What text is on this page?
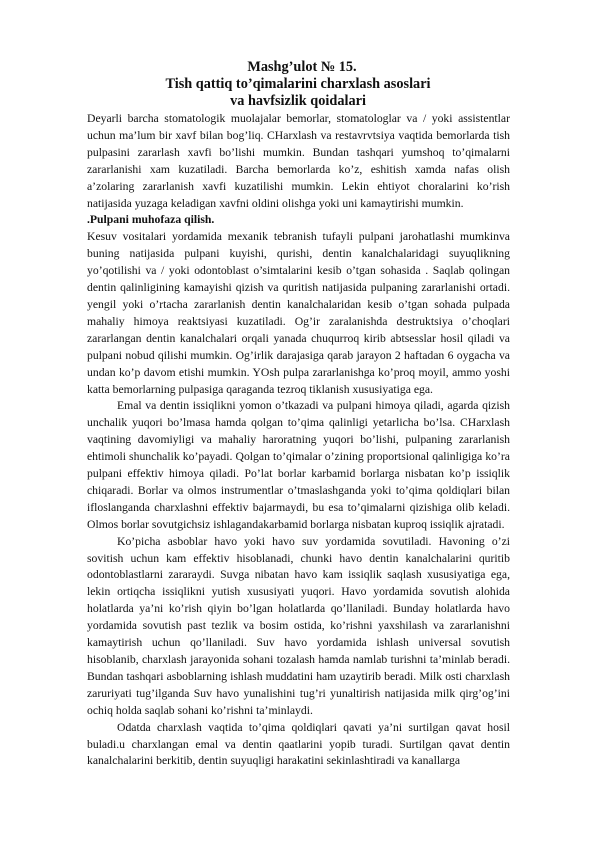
Mashg’ulot № 15.
Tish qattiq to’qimalarini charxlash asoslari
va havfsizlik qoidalari

Deyarli barcha stomatologik muolajalar bemorlar, stomatologlar va / yoki assistentlar uchun ma’lum bir xavf bilan bog’liq. CHarxlash va restavrvtsiya vaqtida bemorlarda tish pulpasini zararlash xavfi bo’lishi mumkin. Bundan tashqari yumshoq to’qimalarni zararlanishi xam kuzatiladi. Barcha bemorlarda ko’z, eshitish xamda nafas olish a’zolaring zararlanish xavfi kuzatilishi mumkin. Lekin ehtiyot choralarini ko’rish natijasida yuzaga keladigan xavfni oldini olishga yoki uni kamaytirishi mumkin.

.Pulpani muhofaza qilish.

Kesuv vositalari yordamida mexanik tebranish tufayli pulpani jarohatlashi mumkinva buning natijasida pulpani kuyishi, qurishi, dentin kanalchalaridagi suyuqlikning yo’qotilishi va / yoki odontoblast o’simtalarini kesib o’tgan sohasida . Saqlab qolingan dentin qalinligining kamayishi qizish va quritish natijasida pulpaning zararlanishi ortadi. yengil yoki o’rtacha zararlanish dentin kanalchalaridan kesib o’tgan sohada pulpada mahaliy himoya reaktsiyasi kuzatiladi. Og’ir zaralanishda destruktsiya o’choqlari zararlangan dentin kanalchalari orqali yanada chuqurroq kirib abtsesslar hosil qiladi va pulpani nobud qilishi mumkin. Og’irlik darajasiga qarab jarayon 2 haftadan 6 oygacha va undan ko’p davom etishi mumkin. YOsh pulpa zararlanishga ko’proq moyil, ammo yoshi katta bemorlarning pulpasiga qaraganda tezroq tiklanish xususiyatiga ega.

Emal va dentin issiqlikni yomon o’tkazadi va pulpani himoya qiladi, agarda qizish unchalik yuqori bo’lmasa hamda qolgan to’qima qalinligi yetarlicha bo’lsa. CHarxlash vaqtining davomiyligi va mahaliy haroratning yuqori bo’lishi, pulpaning zararlanish ehtimoli shunchalik ko’payadi. Qolgan to’qimalar o’zining proportsional qalinligiga ko’ra pulpani effektiv himoya qiladi. Po’lat borlar karbamid borlarga nisbatan ko’p issiqlik chiqaradi. Borlar va olmos instrumentlar o’tmaslashganda yoki to’qima qoldiqlari bilan ifloslanganda charxlashni effektiv bajarmaydi, bu esa to’qimalarni qizishiga olib keladi. Olmos borlar sovutgichsiz ishlagandakarbamid borlarga nisbatan kuproq issiqlik ajratadi.

Ko’picha asboblar havo yoki havo suv yordamida sovutiladi. Havoning o’zi sovitish uchun kam effektiv hisoblanadi, chunki havo dentin kanalchalarini quritib odontoblastlarni zararaydi. Suvga nibatan havo kam issiqlik saqlash xususiyatiga ega, lekin ortiqcha issiqlikni yutish xususiyati yuqori. Havo yordamida sovutish alohida holatlarda ya’ni ko’rish qiyin bo’lgan holatlarda qo’llaniladi. Bunday holatlarda havo yordamida sovutish past tezlik va bosim ostida, ko’rishni yaxshilash va zararlanishni kamaytirish uchun qo’llaniladi. Suv havo yordamida ishlash universal sovutish hisoblanib, charxlash jarayonida sohani tozalash hamda namlab turishni ta’minlab beradi. Bundan tashqari asboblarning ishlash muddatini ham uzaytirib beradi. Milk osti charxlash zaruriyati tug’ilganda Suv havo yunalishini tug’ri yunaltirish natijasida milk qirg’og’ini ochiq holda saqlab sohani ko’rishni ta’minlaydi.

Odatda charxlash vaqtida to’qima qoldiqlari qavati ya’ni surtilgan qavat hosil buladi.u charxlangan emal va dentin qaatlarini yopib turadi. Surtilgan qavat dentin kanalchalarini berkitib, dentin suyuqligi harakatini sekinlashtiradi va kanallarga
